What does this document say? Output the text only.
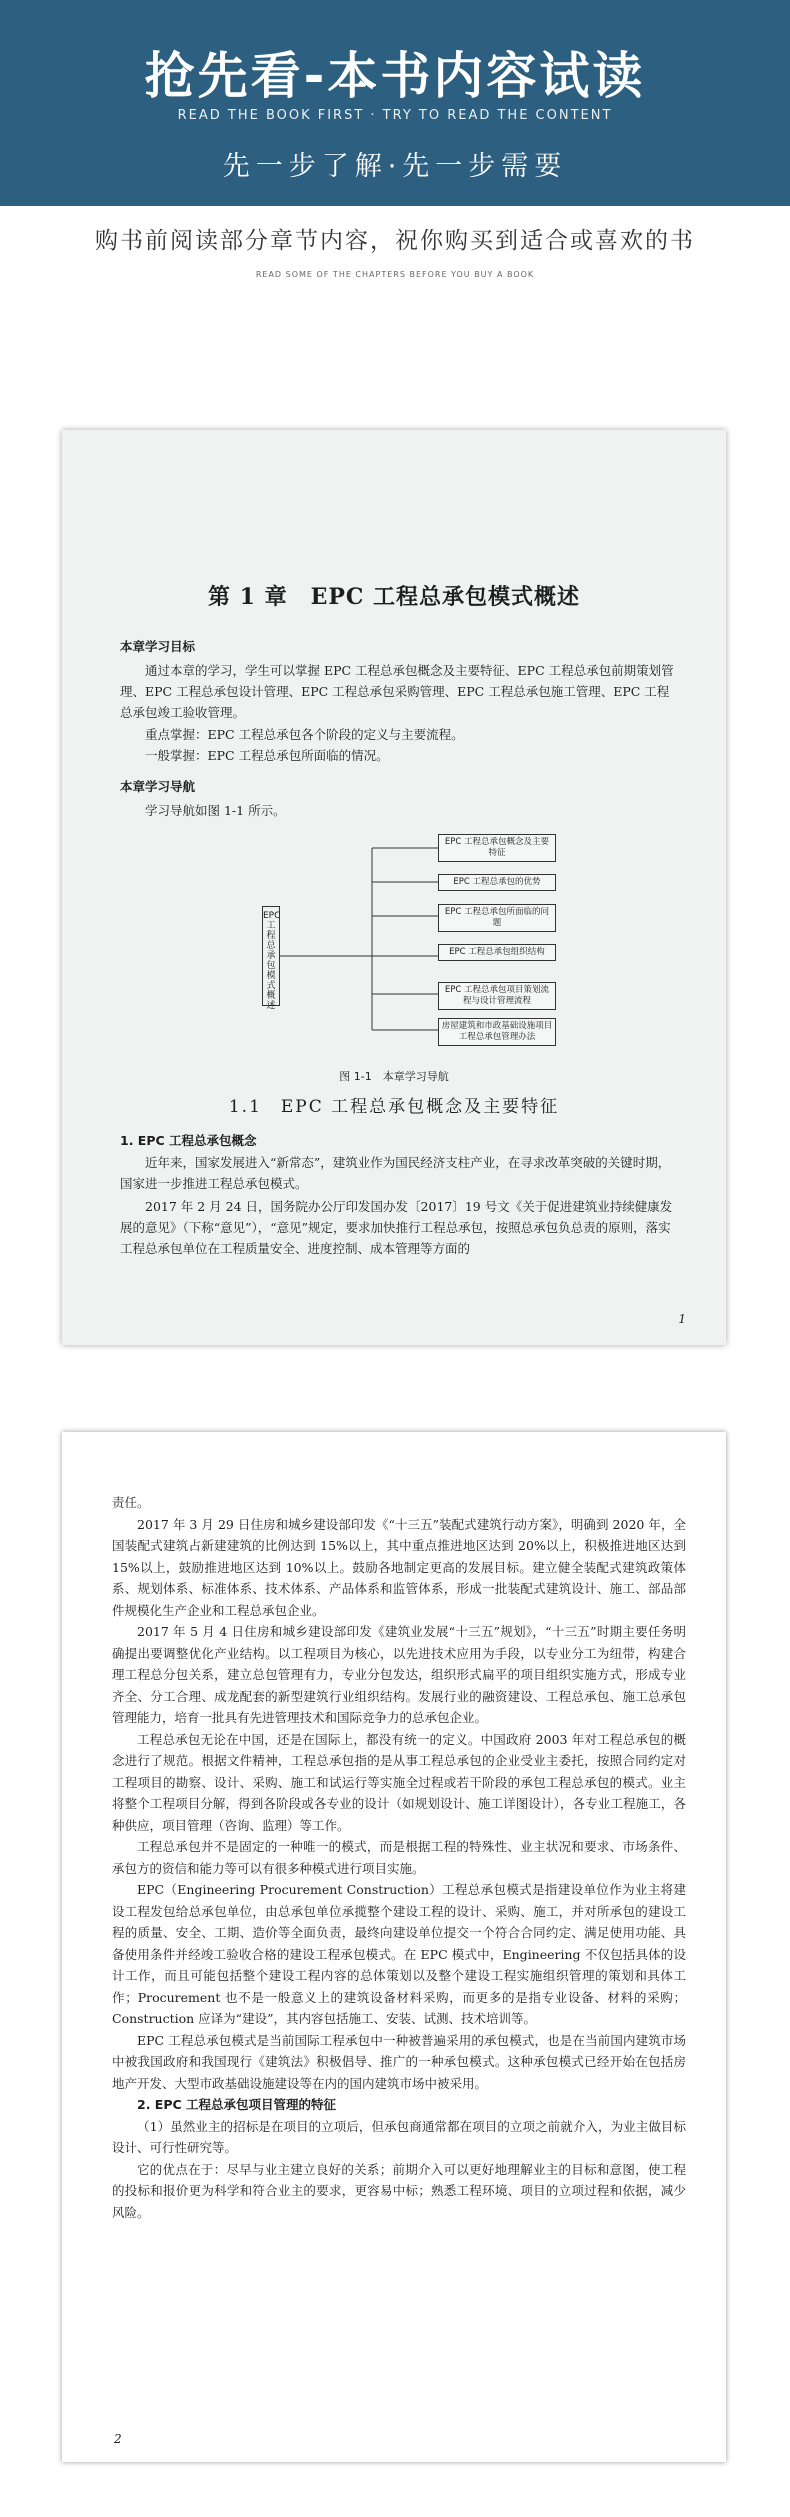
抢先看-本书内容试读
READ THE BOOK FIRST · TRY TO READ THE CONTENT
先一步了解·先一步需要
购书前阅读部分章节内容，祝你购买到适合或喜欢的书
READ SOME OF THE CHAPTERS BEFORE YOU BUY A BOOK
第 1 章　EPC 工程总承包模式概述
本章学习目标
通过本章的学习，学生可以掌握 EPC 工程总承包概念及主要特征、EPC 工程总承包前期策划管理、EPC 工程总承包设计管理、EPC 工程总承包采购管理、EPC 工程总承包施工管理、EPC 工程总承包竣工验收管理。
重点掌握：EPC 工程总承包各个阶段的定义与主要流程。
一般掌握：EPC 工程总承包所面临的情况。
本章学习导航
学习导航如图 1-1 所示。
EPC工程总承包模式概述
EPC 工程总承包概念及主要特征
EPC 工程总承包的优势
EPC 工程总承包所面临的问题
EPC 工程总承包组织结构
EPC 工程总承包项目策划流程与设计管理流程
房屋建筑和市政基础设施项目工程总承包管理办法
图 1-1　本章学习导航
1.1　EPC 工程总承包概念及主要特征
1. EPC 工程总承包概念
近年来，国家发展进入“新常态”，建筑业作为国民经济支柱产业，在寻求改革突破的关键时期，国家进一步推进工程总承包模式。
2017 年 2 月 24 日，国务院办公厅印发国办发〔2017〕19 号文《关于促进建筑业持续健康发展的意见》（下称“意见”），“意见”规定，要求加快推行工程总承包，按照总承包负总责的原则，落实工程总承包单位在工程质量安全、进度控制、成本管理等方面的
1

责任。

2017 年 3 月 29 日住房和城乡建设部印发《“十三五”装配式建筑行动方案》，明确到 2020 年，全国装配式建筑占新建建筑的比例达到 15%以上，其中重点推进地区达到 20%以上，积极推进地区达到 15%以上，鼓励推进地区达到 10%以上。鼓励各地制定更高的发展目标。建立健全装配式建筑政策体系、规划体系、标准体系、技术体系、产品体系和监管体系，形成一批装配式建筑设计、施工、部品部件规模化生产企业和工程总承包企业。

2017 年 5 月 4 日住房和城乡建设部印发《建筑业发展“十三五”规划》，“十三五”时期主要任务明确提出要调整优化产业结构。以工程项目为核心，以先进技术应用为手段，以专业分工为纽带，构建合理工程总分包关系，建立总包管理有力，专业分包发达，组织形式扁平的项目组织实施方式，形成专业齐全、分工合理、成龙配套的新型建筑行业组织结构。发展行业的融资建设、工程总承包、施工总承包管理能力，培育一批具有先进管理技术和国际竞争力的总承包企业。

工程总承包无论在中国，还是在国际上，都没有统一的定义。中国政府 2003 年对工程总承包的概念进行了规范。根据文件精神，工程总承包指的是从事工程总承包的企业受业主委托，按照合同约定对工程项目的勘察、设计、采购、施工和试运行等实施全过程或若干阶段的承包工程总承包的模式。业主将整个工程项目分解，得到各阶段或各专业的设计（如规划设计、施工详图设计），各专业工程施工，各种供应，项目管理（咨询、监理）等工作。

工程总承包并不是固定的一种唯一的模式，而是根据工程的特殊性、业主状况和要求、市场条件、承包方的资信和能力等可以有很多种模式进行项目实施。

EPC（Engineering Procurement Construction）工程总承包模式是指建设单位作为业主将建设工程发包给总承包单位，由总承包单位承揽整个建设工程的设计、采购、施工，并对所承包的建设工程的质量、安全、工期、造价等全面负责，最终向建设单位提交一个符合合同约定、满足使用功能、具备使用条件并经竣工验收合格的建设工程承包模式。在 EPC 模式中，Engineering 不仅包括具体的设计工作，而且可能包括整个建设工程内容的总体策划以及整个建设工程实施组织管理的策划和具体工作；Procurement 也不是一般意义上的建筑设备材料采购，而更多的是指专业设备、材料的采购；Construction 应译为“建设”，其内容包括施工、安装、试测、技术培训等。

EPC 工程总承包模式是当前国际工程承包中一种被普遍采用的承包模式，也是在当前国内建筑市场中被我国政府和我国现行《建筑法》积极倡导、推广的一种承包模式。这种承包模式已经开始在包括房地产开发、大型市政基础设施建设等在内的国内建筑市场中被采用。

2. EPC 工程总承包项目管理的特征

（1）虽然业主的招标是在项目的立项后，但承包商通常都在项目的立项之前就介入，为业主做目标设计、可行性研究等。

它的优点在于：尽早与业主建立良好的关系；前期介入可以更好地理解业主的目标和意图，使工程的投标和报价更为科学和符合业主的要求，更容易中标；熟悉工程环境、项目的立项过程和依据，减少风险。

2
